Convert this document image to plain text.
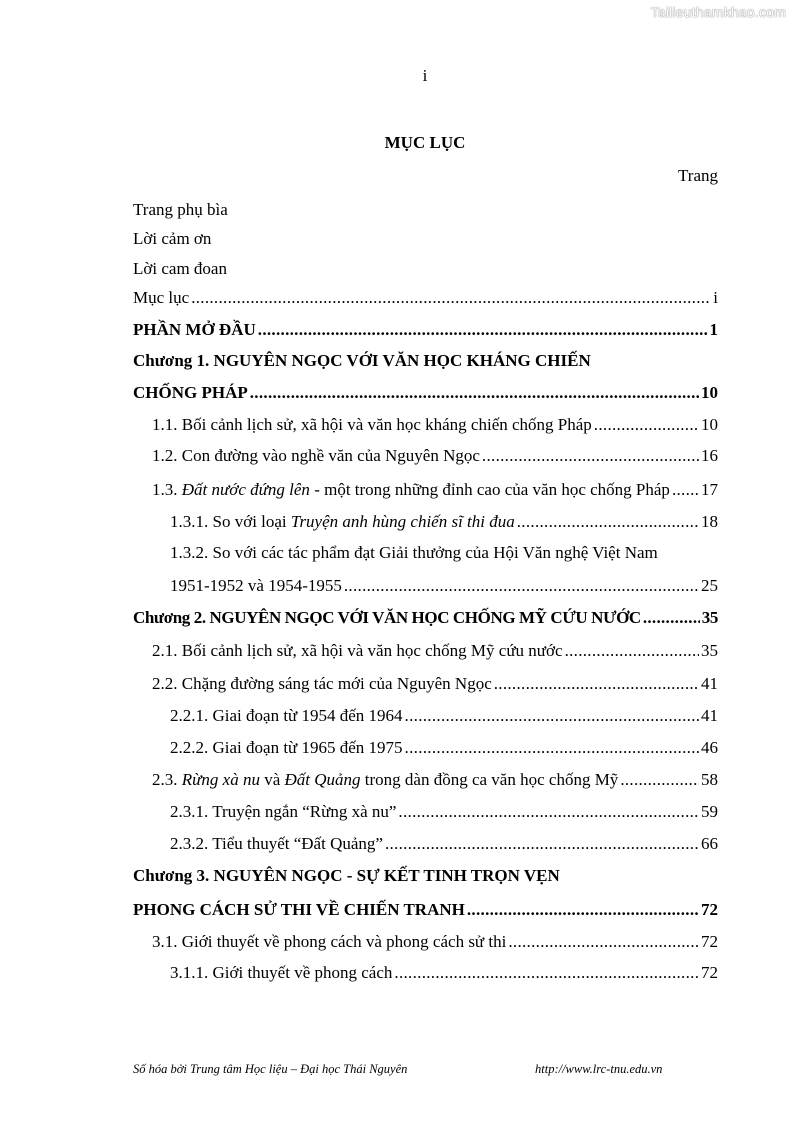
Tailieuthamkhao.com
i
MỤC LỤC
Trang
Trang phụ bìa
Lời cảm ơn
Lời cam đoan
Mục lục .....	i
PHẦN MỞ ĐẦU .....	1
Chương 1. NGUYÊN NGỌC VỚI VĂN HỌC KHÁNG CHIẾN
CHỐNG PHÁP .....	10
1.1. Bối cảnh lịch sử, xã hội và văn học kháng chiến chống Pháp .....	10
1.2. Con đường vào nghề văn của Nguyên Ngọc .....	16
1.3. Đất nước đứng lên - một trong những đỉnh cao của văn học chống Pháp ..... 17
1.3.1. So với loại Truyện anh hùng chiến sĩ thi đua .....	18
1.3.2. So với các tác phẩm đạt Giải thưởng của Hội Văn nghệ Việt Nam
1951-1952 và 1954-1955 .....	25
Chương 2. NGUYÊN NGỌC VỚI VĂN HỌC CHỐNG MỸ CỨU NƯỚC .....	35
2.1. Bối cảnh lịch sử, xã hội và văn học chống Mỹ cứu nước .....	35
2.2. Chặng đường sáng tác mới của Nguyên Ngọc .....	41
2.2.1. Giai đoạn từ 1954 đến 1964 .....	41
2.2.2. Giai đoạn từ 1965 đến 1975 .....	46
2.3. Rừng xà nu và Đất Quảng trong dàn đồng ca văn học chống Mỹ .....	58
2.3.1. Truyện ngắn “Rừng xà nu” .....	59
2.3.2. Tiểu thuyết “Đất Quảng” .....	66
Chương 3. NGUYÊN NGỌC - SỰ KẾT TINH TRỌN VẸN
PHONG CÁCH SỬ THI VỀ CHIẾN TRANH .....	72
3.1. Giới thuyết về phong cách và phong cách sử thi .....	72
3.1.1. Giới thuyết về phong cách .....	72
Số hóa bởi Trung tâm Học liệu – Đại học Thái Nguyên	http://www.lrc-tnu.edu.vn
